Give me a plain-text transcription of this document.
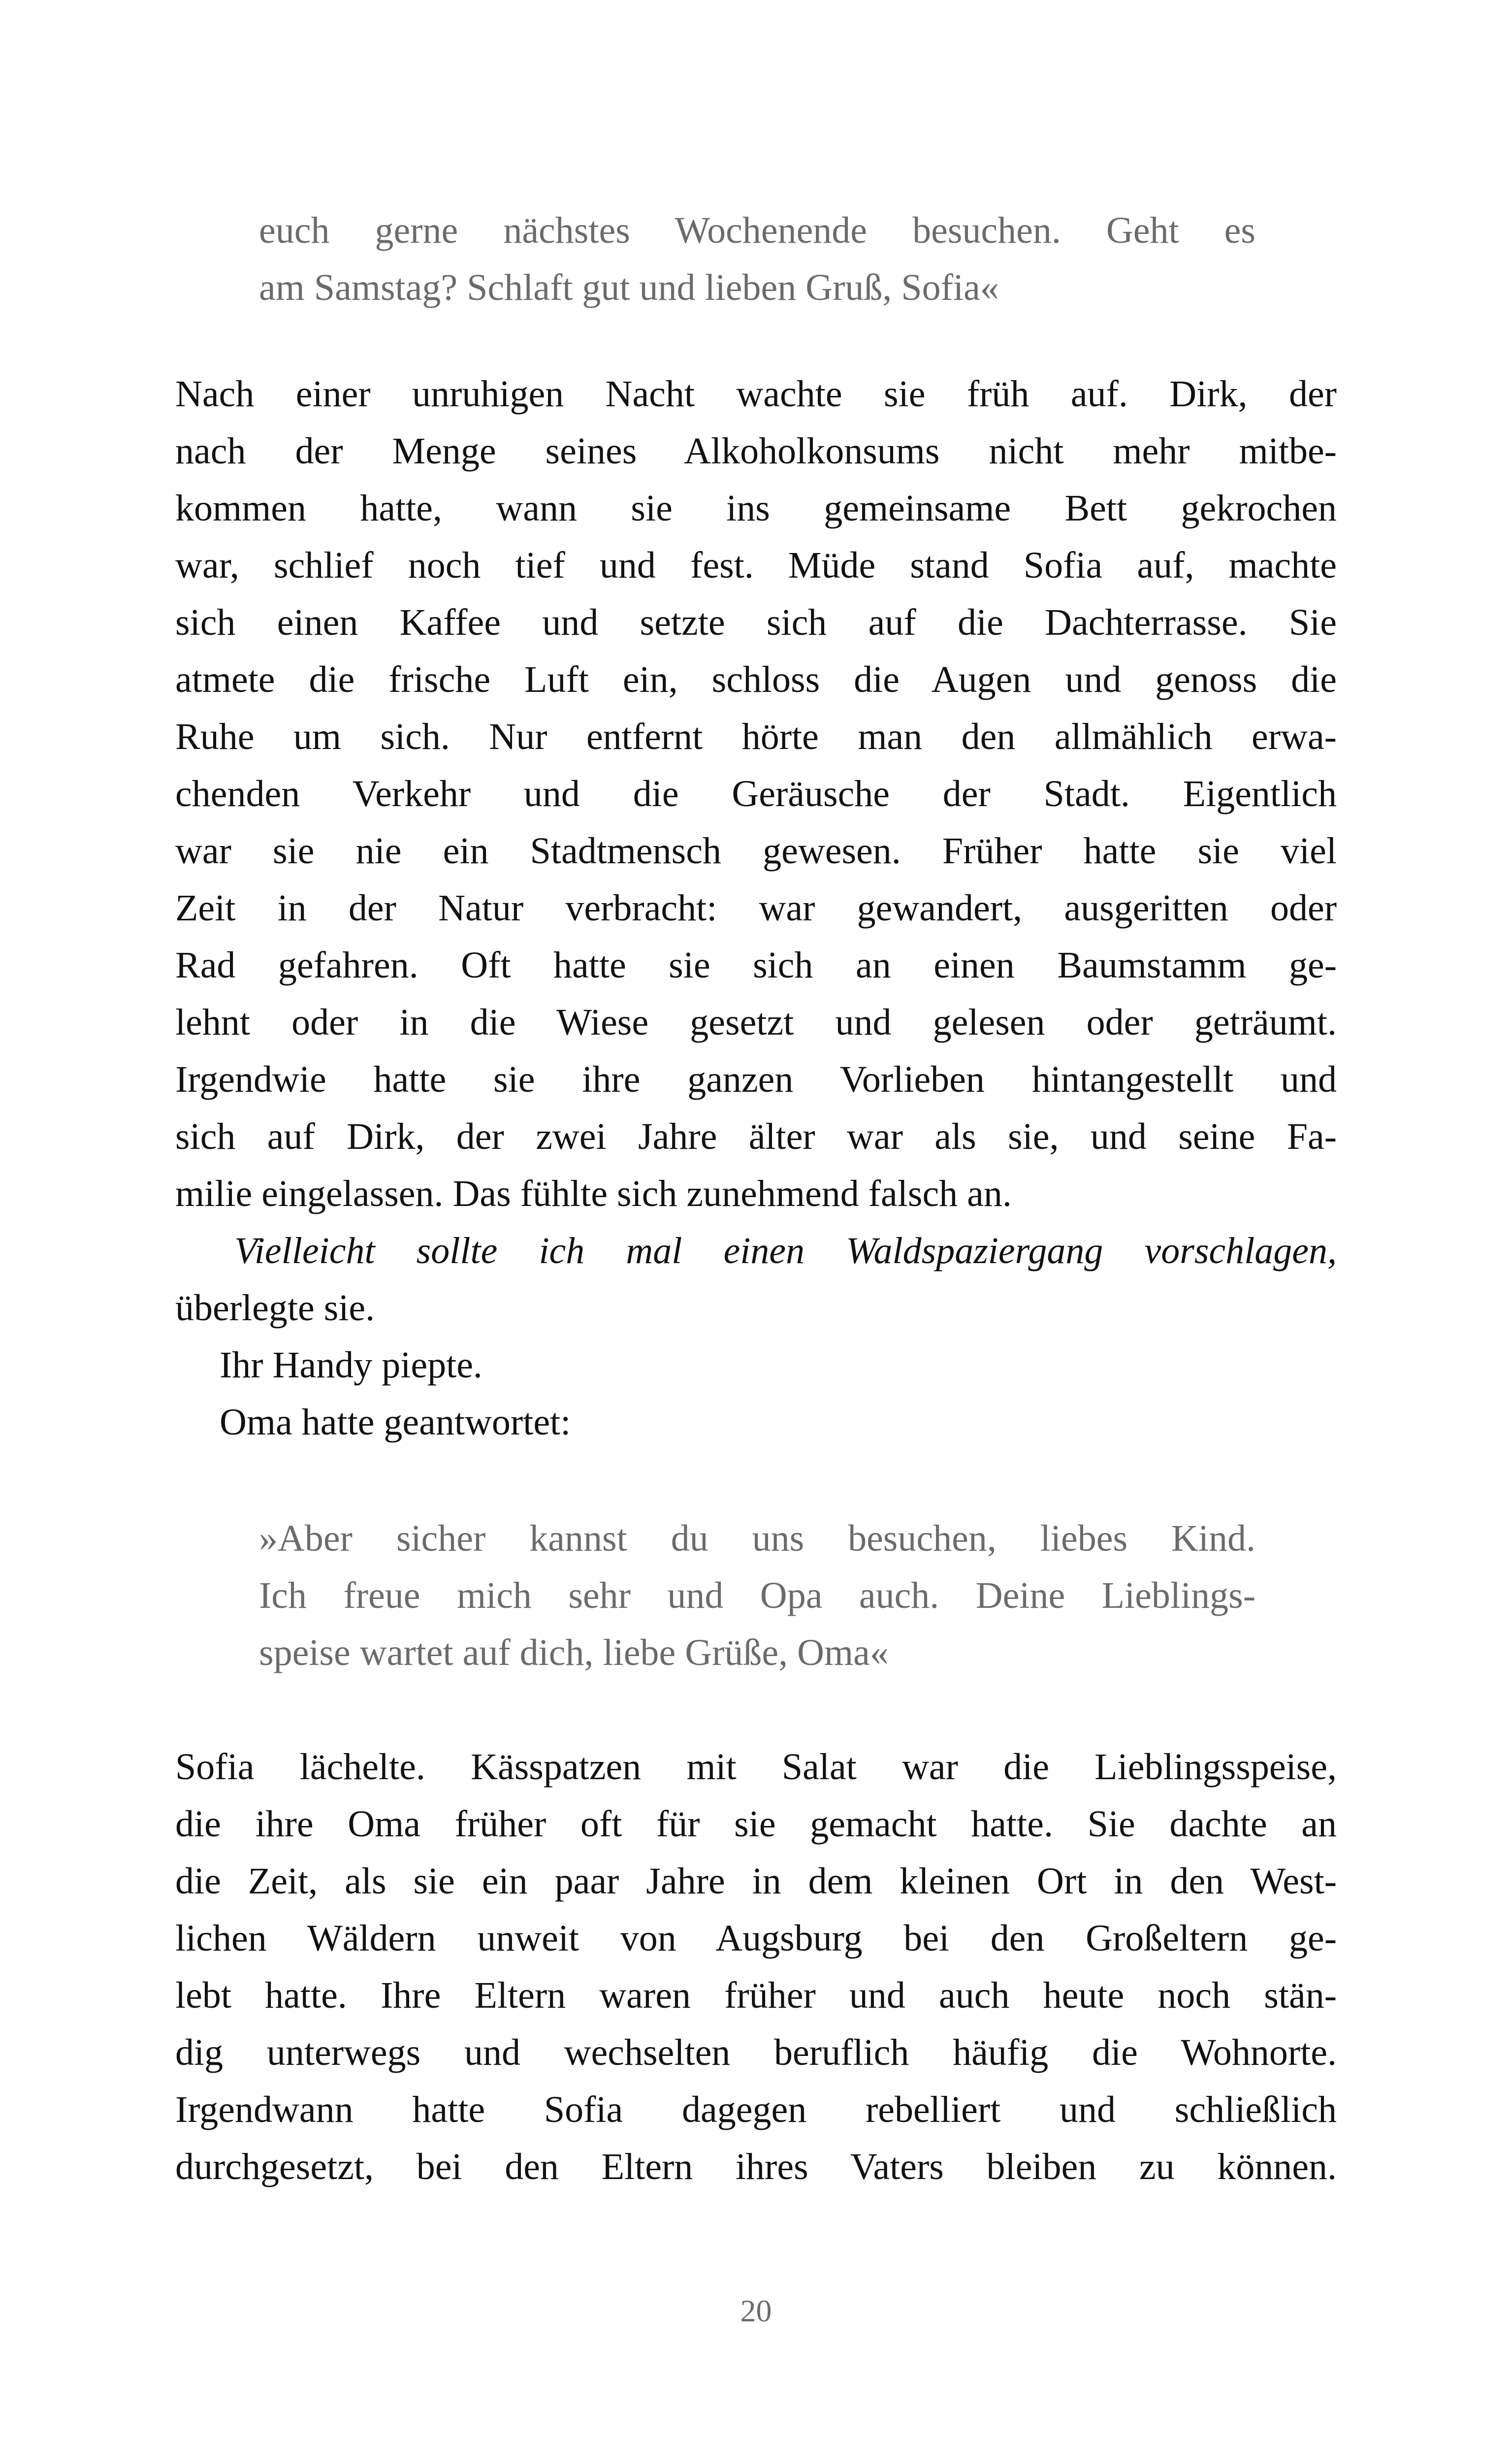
euch gerne nächstes Wochenende besuchen. Geht es
am Samstag? Schlaft gut und lieben Gruß, Sofia«
Nach einer unruhigen Nacht wachte sie früh auf. Dirk, der
nach der Menge seines Alkoholkonsums nicht mehr mitbe-
kommen hatte, wann sie ins gemeinsame Bett gekrochen
war, schlief noch tief und fest. Müde stand Sofia auf, machte
sich einen Kaffee und setzte sich auf die Dachterrasse. Sie
atmete die frische Luft ein, schloss die Augen und genoss die
Ruhe um sich. Nur entfernt hörte man den allmählich erwa-
chenden Verkehr und die Geräusche der Stadt. Eigentlich
war sie nie ein Stadtmensch gewesen. Früher hatte sie viel
Zeit in der Natur verbracht: war gewandert, ausgeritten oder
Rad gefahren. Oft hatte sie sich an einen Baumstamm ge-
lehnt oder in die Wiese gesetzt und gelesen oder geträumt.
Irgendwie hatte sie ihre ganzen Vorlieben hintangestellt und
sich auf Dirk, der zwei Jahre älter war als sie, und seine Fa-
milie eingelassen. Das fühlte sich zunehmend falsch an.
Vielleicht sollte ich mal einen Waldspaziergang vorschlagen,
überlegte sie.
Ihr Handy piepte.
Oma hatte geantwortet:
»Aber sicher kannst du uns besuchen, liebes Kind.
Ich freue mich sehr und Opa auch. Deine Lieblings-
speise wartet auf dich, liebe Grüße, Oma«
Sofia lächelte. Kässpatzen mit Salat war die Lieblingsspeise,
die ihre Oma früher oft für sie gemacht hatte. Sie dachte an
die Zeit, als sie ein paar Jahre in dem kleinen Ort in den West-
lichen Wäldern unweit von Augsburg bei den Großeltern ge-
lebt hatte. Ihre Eltern waren früher und auch heute noch stän-
dig unterwegs und wechselten beruflich häufig die Wohnorte.
Irgendwann hatte Sofia dagegen rebelliert und schließlich
durchgesetzt, bei den Eltern ihres Vaters bleiben zu können.
20
